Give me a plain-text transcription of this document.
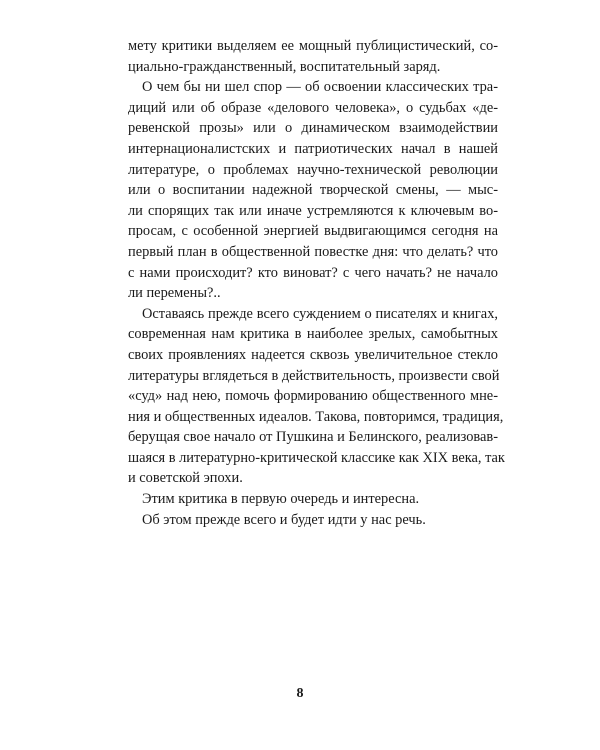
мету критики выделяем ее мощный публицистический, со-
циально-гражданственный, воспитательный заряд.

О чем бы ни шел спор — об освоении классических тра-
диций или об образе «делового человека», о судьбах «де-
ревенской прозы» или о динамическом взаимодействии
интернационалистских и патриотических начал в нашей
литературе, о проблемах научно-технической революции
или о воспитании надежной творческой смены, — мыс-
ли спорящих так или иначе устремляются к ключевым во-
просам, с особенной энергией выдвигающимся сегодня на
первый план в общественной повестке дня: что делать? что
с нами происходит? кто виноват? с чего начать? не начало
ли перемены?..

Оставаясь прежде всего суждением о писателях и книгах,
современная нам критика в наиболее зрелых, самобытных
своих проявлениях надеется сквозь увеличительное стекло
литературы вглядеться в действительность, произвести свой
«суд» над нею, помочь формированию общественного мне-
ния и общественных идеалов. Такова, повторимся, традиция,
берущая свое начало от Пушкина и Белинского, реализовав-
шаяся в литературно-критической классике как XIX века, так
и советской эпохи.

Этим критика в первую очередь и интересна.

Об этом прежде всего и будет идти у нас речь.

8
